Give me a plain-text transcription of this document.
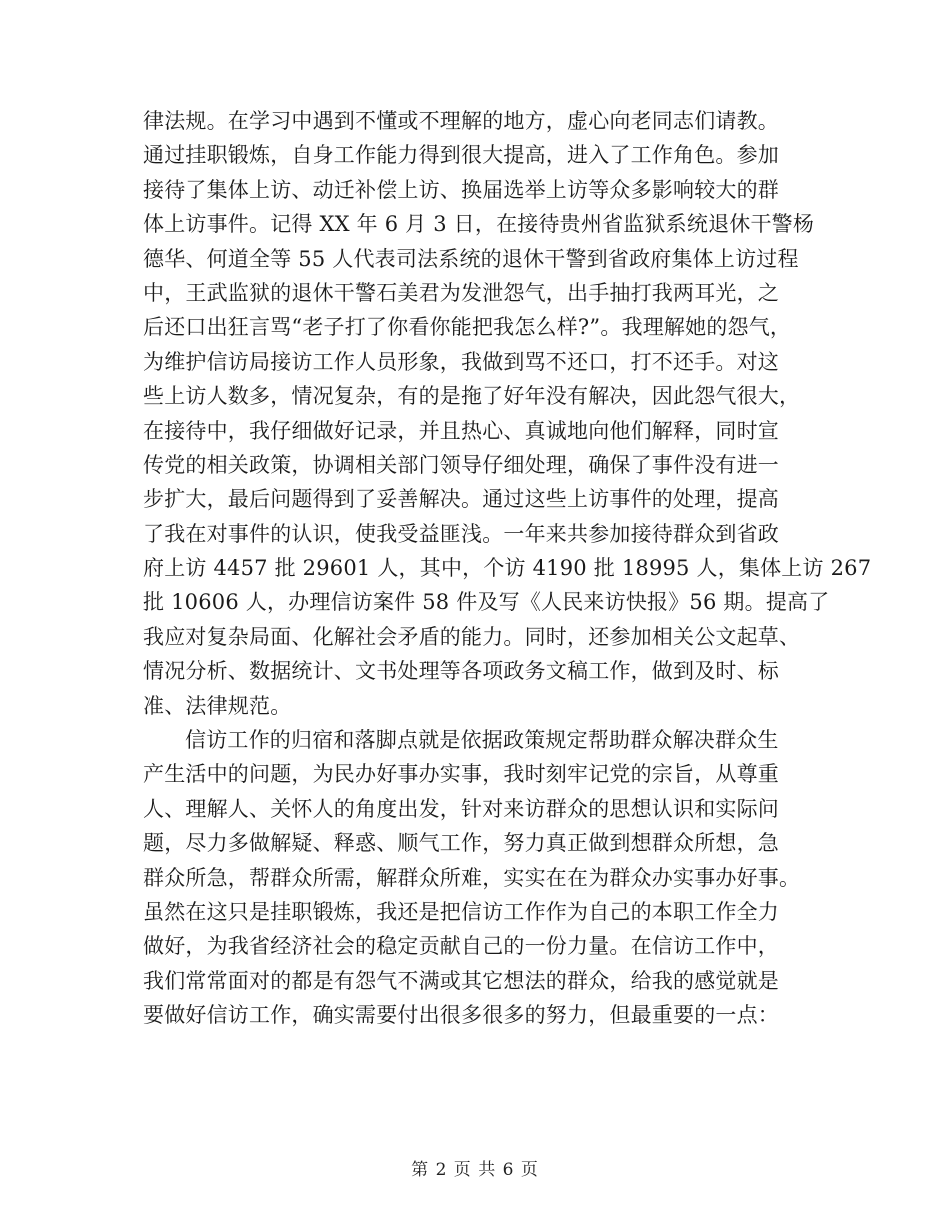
律法规。在学习中遇到不懂或不理解的地方，虚心向老同志们请教。
通过挂职锻炼，自身工作能力得到很大提高，进入了工作角色。参加
接待了集体上访、动迁补偿上访、换届选举上访等众多影响较大的群
体上访事件。记得 XX 年 6 月 3 日，在接待贵州省监狱系统退休干警杨
德华、何道全等 55 人代表司法系统的退休干警到省政府集体上访过程
中，王武监狱的退休干警石美君为发泄怨气，出手抽打我两耳光，之
后还口出狂言骂“老子打了你看你能把我怎么样?”。我理解她的怨气，
为维护信访局接访工作人员形象，我做到骂不还口，打不还手。对这
些上访人数多，情况复杂，有的是拖了好年没有解决，因此怨气很大，
在接待中，我仔细做好记录，并且热心、真诚地向他们解释，同时宣
传党的相关政策，协调相关部门领导仔细处理，确保了事件没有进一
步扩大，最后问题得到了妥善解决。通过这些上访事件的处理，提高
了我在对事件的认识，使我受益匪浅。一年来共参加接待群众到省政
府上访 4457 批 29601 人，其中，个访 4190 批 18995 人，集体上访 267
批 10606 人，办理信访案件 58 件及写《人民来访快报》56 期。提高了
我应对复杂局面、化解社会矛盾的能力。同时，还参加相关公文起草、
情况分析、数据统计、文书处理等各项政务文稿工作，做到及时、标
准、法律规范。
信访工作的归宿和落脚点就是依据政策规定帮助群众解决群众生
产生活中的问题，为民办好事办实事，我时刻牢记党的宗旨，从尊重
人、理解人、关怀人的角度出发，针对来访群众的思想认识和实际问
题，尽力多做解疑、释惑、顺气工作，努力真正做到想群众所想，急
群众所急，帮群众所需，解群众所难，实实在在为群众办实事办好事。
虽然在这只是挂职锻炼，我还是把信访工作作为自己的本职工作全力
做好，为我省经济社会的稳定贡献自己的一份力量。在信访工作中，
我们常常面对的都是有怨气不满或其它想法的群众，给我的感觉就是
要做好信访工作，确实需要付出很多很多的努力，但最重要的一点：
第 2 页 共 6 页
